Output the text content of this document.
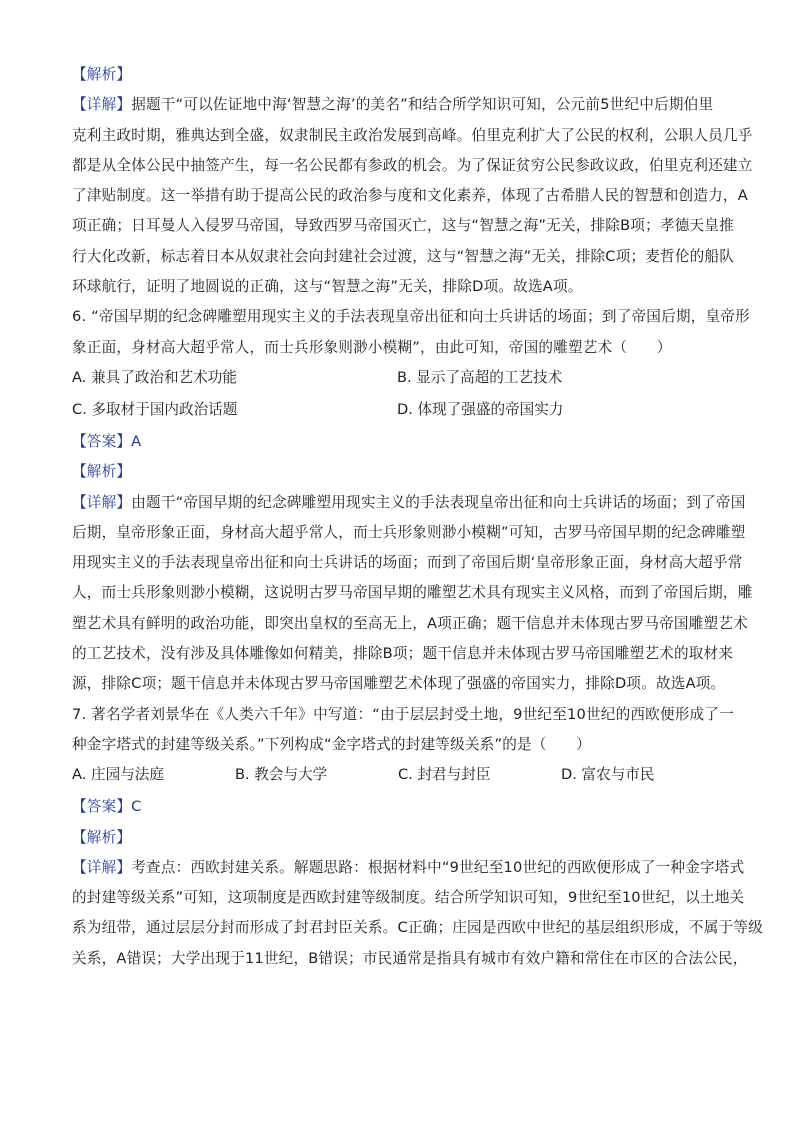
【解析】
【详解】据题干“可以佐证地中海‘智慧之海’的美名”和结合所学知识可知，公元前5世纪中后期伯里
克利主政时期，雅典达到全盛，奴隶制民主政治发展到高峰。伯里克利扩大了公民的权利，公职人员几乎
都是从全体公民中抽签产生，每一名公民都有参政的机会。为了保证贫穷公民参政议政，伯里克利还建立
了津贴制度。这一举措有助于提高公民的政治参与度和文化素养，体现了古希腊人民的智慧和创造力，A
项正确；日耳曼人入侵罗马帝国，导致西罗马帝国灭亡，这与“智慧之海”无关，排除B项；孝德天皇推
行大化改新，标志着日本从奴隶社会向封建社会过渡，这与“智慧之海”无关，排除C项；麦哲伦的船队
环球航行，证明了地圆说的正确，这与“智慧之海”无关，排除D项。故选A项。
6. “帝国早期的纪念碑雕塑用现实主义的手法表现皇帝出征和向士兵讲话的场面；到了帝国后期，皇帝形
象正面，身材高大超乎常人，而士兵形象则渺小模糊”，由此可知，帝国的雕塑艺术（　　）
A. 兼具了政治和艺术功能	B. 显示了高超的工艺技术
C. 多取材于国内政治话题	D. 体现了强盛的帝国实力
【答案】A
【解析】
【详解】由题干“帝国早期的纪念碑雕塑用现实主义的手法表现皇帝出征和向士兵讲话的场面；到了帝国
后期，皇帝形象正面，身材高大超乎常人，而士兵形象则渺小模糊”可知，古罗马帝国早期的纪念碑雕塑
用现实主义的手法表现皇帝出征和向士兵讲话的场面；而到了帝国后期‘皇帝形象正面，身材高大超乎常
人，而士兵形象则渺小模糊，这说明古罗马帝国早期的雕塑艺术具有现实主义风格，而到了帝国后期，雕
塑艺术具有鲜明的政治功能，即突出皇权的至高无上，A项正确；题干信息并未体现古罗马帝国雕塑艺术
的工艺技术，没有涉及具体雕像如何精美，排除B项；题干信息并未体现古罗马帝国雕塑艺术的取材来
源，排除C项；题干信息并未体现古罗马帝国雕塑艺术体现了强盛的帝国实力，排除D项。故选A项。
7. 著名学者刘景华在《人类六千年》中写道：“由于层层封受土地，9世纪至10世纪的西欧便形成了一
种金字塔式的封建等级关系。”下列构成“金字塔式的封建等级关系”的是（　　）
A. 庄园与法庭	B. 教会与大学	C. 封君与封臣	D. 富农与市民
【答案】C
【解析】
【详解】考查点：西欧封建关系。解题思路：根据材料中“9世纪至10世纪的西欧便形成了一种金字塔式
的封建等级关系”可知，这项制度是西欧封建等级制度。结合所学知识可知，9世纪至10世纪，以土地关
系为纽带，通过层层分封而形成了封君封臣关系。C正确；庄园是西欧中世纪的基层组织形成，不属于等级
关系，A错误；大学出现于11世纪，B错误；市民通常是指具有城市有效户籍和常住在市区的合法公民，
